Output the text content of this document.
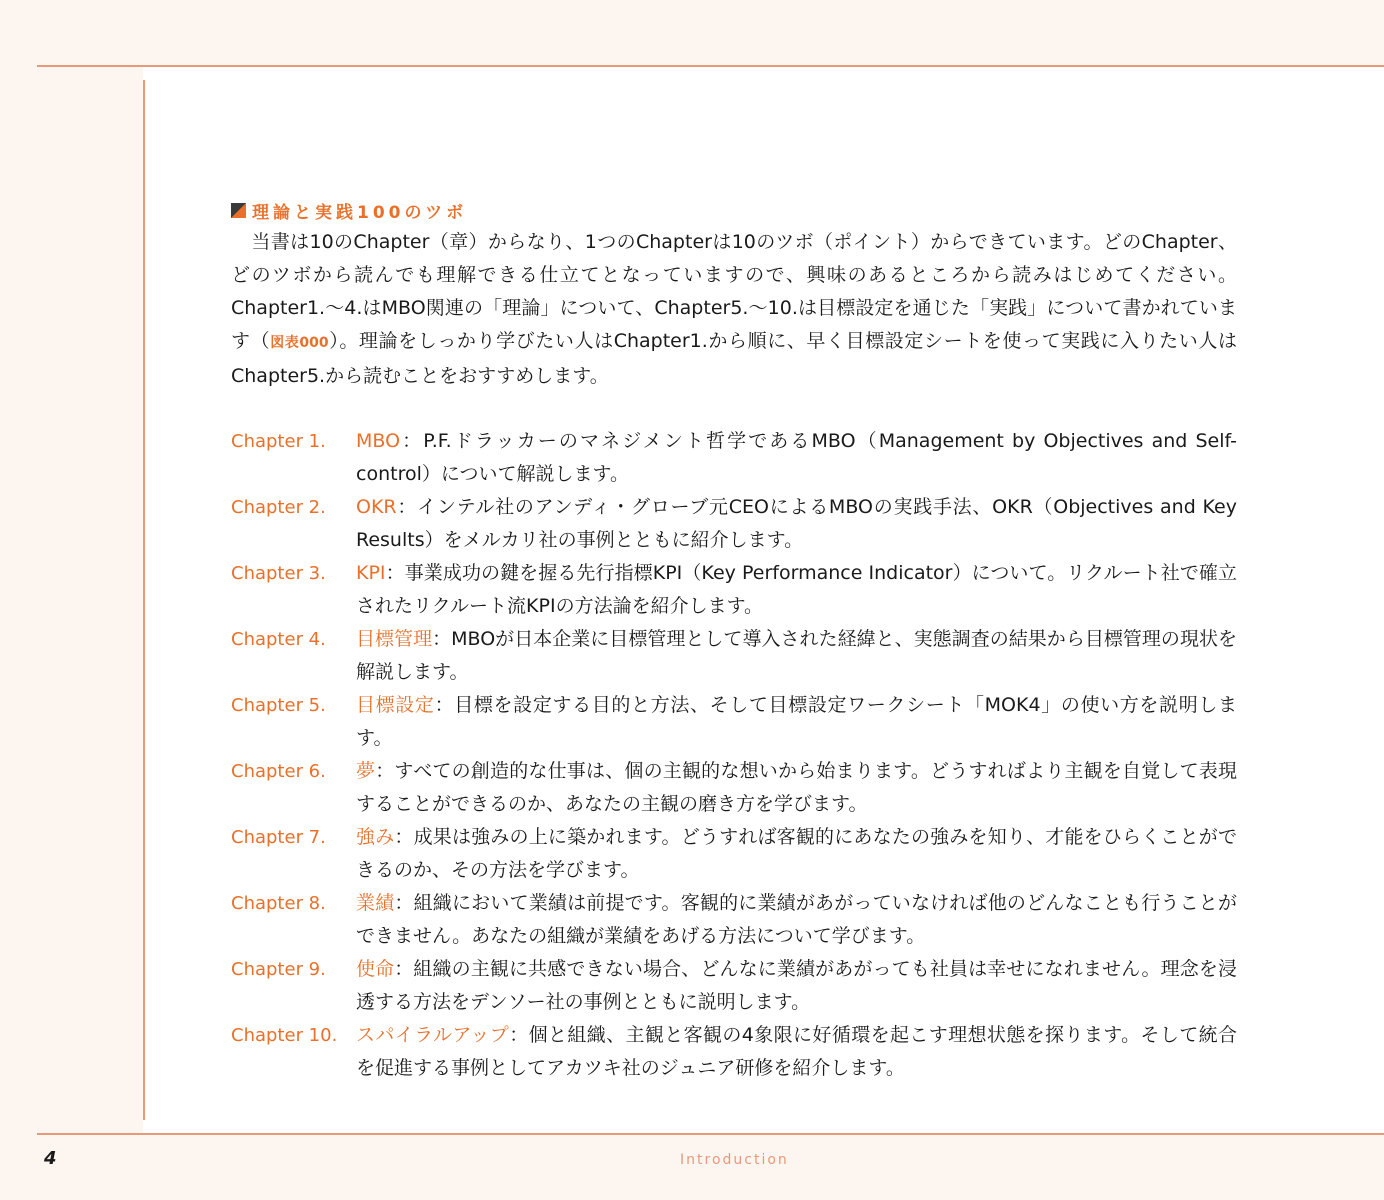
理論と実践100のツボ

当書は10のChapter（章）からなり、1つのChapterは10のツボ（ポイント）からできています。どのChapter、どのツボから読んでも理解できる仕立てとなっていますので、興味のあるところから読みはじめてください。Chapter1.〜4.はMBO関連の「理論」について、Chapter5.〜10.は目標設定を通じた「実践」について書かれています（図表000）。理論をしっかり学びたい人はChapter1.から順に、早く目標設定シートを使って実践に入りたい人はChapter5.から読むことをおすすめします。

Chapter 1.	MBO：P.F.ドラッカーのマネジメント哲学であるMBO（Management by Objectives and Self-control）について解説します。
Chapter 2.	OKR：インテル社のアンディ・グローブ元CEOによるMBOの実践手法、OKR（Objectives and Key Results）をメルカリ社の事例とともに紹介します。
Chapter 3.	KPI：事業成功の鍵を握る先行指標KPI（Key Performance Indicator）について。リクルート社で確立されたリクルート流KPIの方法論を紹介します。
Chapter 4.	目標管理：MBOが日本企業に目標管理として導入された経緯と、実態調査の結果から目標管理の現状を解説します。
Chapter 5.	目標設定：目標を設定する目的と方法、そして目標設定ワークシート「MOK4」の使い方を説明します。
Chapter 6.	夢：すべての創造的な仕事は、個の主観的な想いから始まります。どうすればより主観を自覚して表現することができるのか、あなたの主観の磨き方を学びます。
Chapter 7.	強み：成果は強みの上に築かれます。どうすれば客観的にあなたの強みを知り、才能をひらくことができるのか、その方法を学びます。
Chapter 8.	業績：組織において業績は前提です。客観的に業績があがっていなければ他のどんなことも行うことができません。あなたの組織が業績をあげる方法について学びます。
Chapter 9.	使命：組織の主観に共感できない場合、どんなに業績があがっても社員は幸せになれません。理念を浸透する方法をデンソー社の事例とともに説明します。
Chapter 10. スパイラルアップ：個と組織、主観と客観の4象限に好循環を起こす理想状態を探ります。そして統合を促進する事例としてアカツキ社のジュニア研修を紹介します。
4	Introduction
